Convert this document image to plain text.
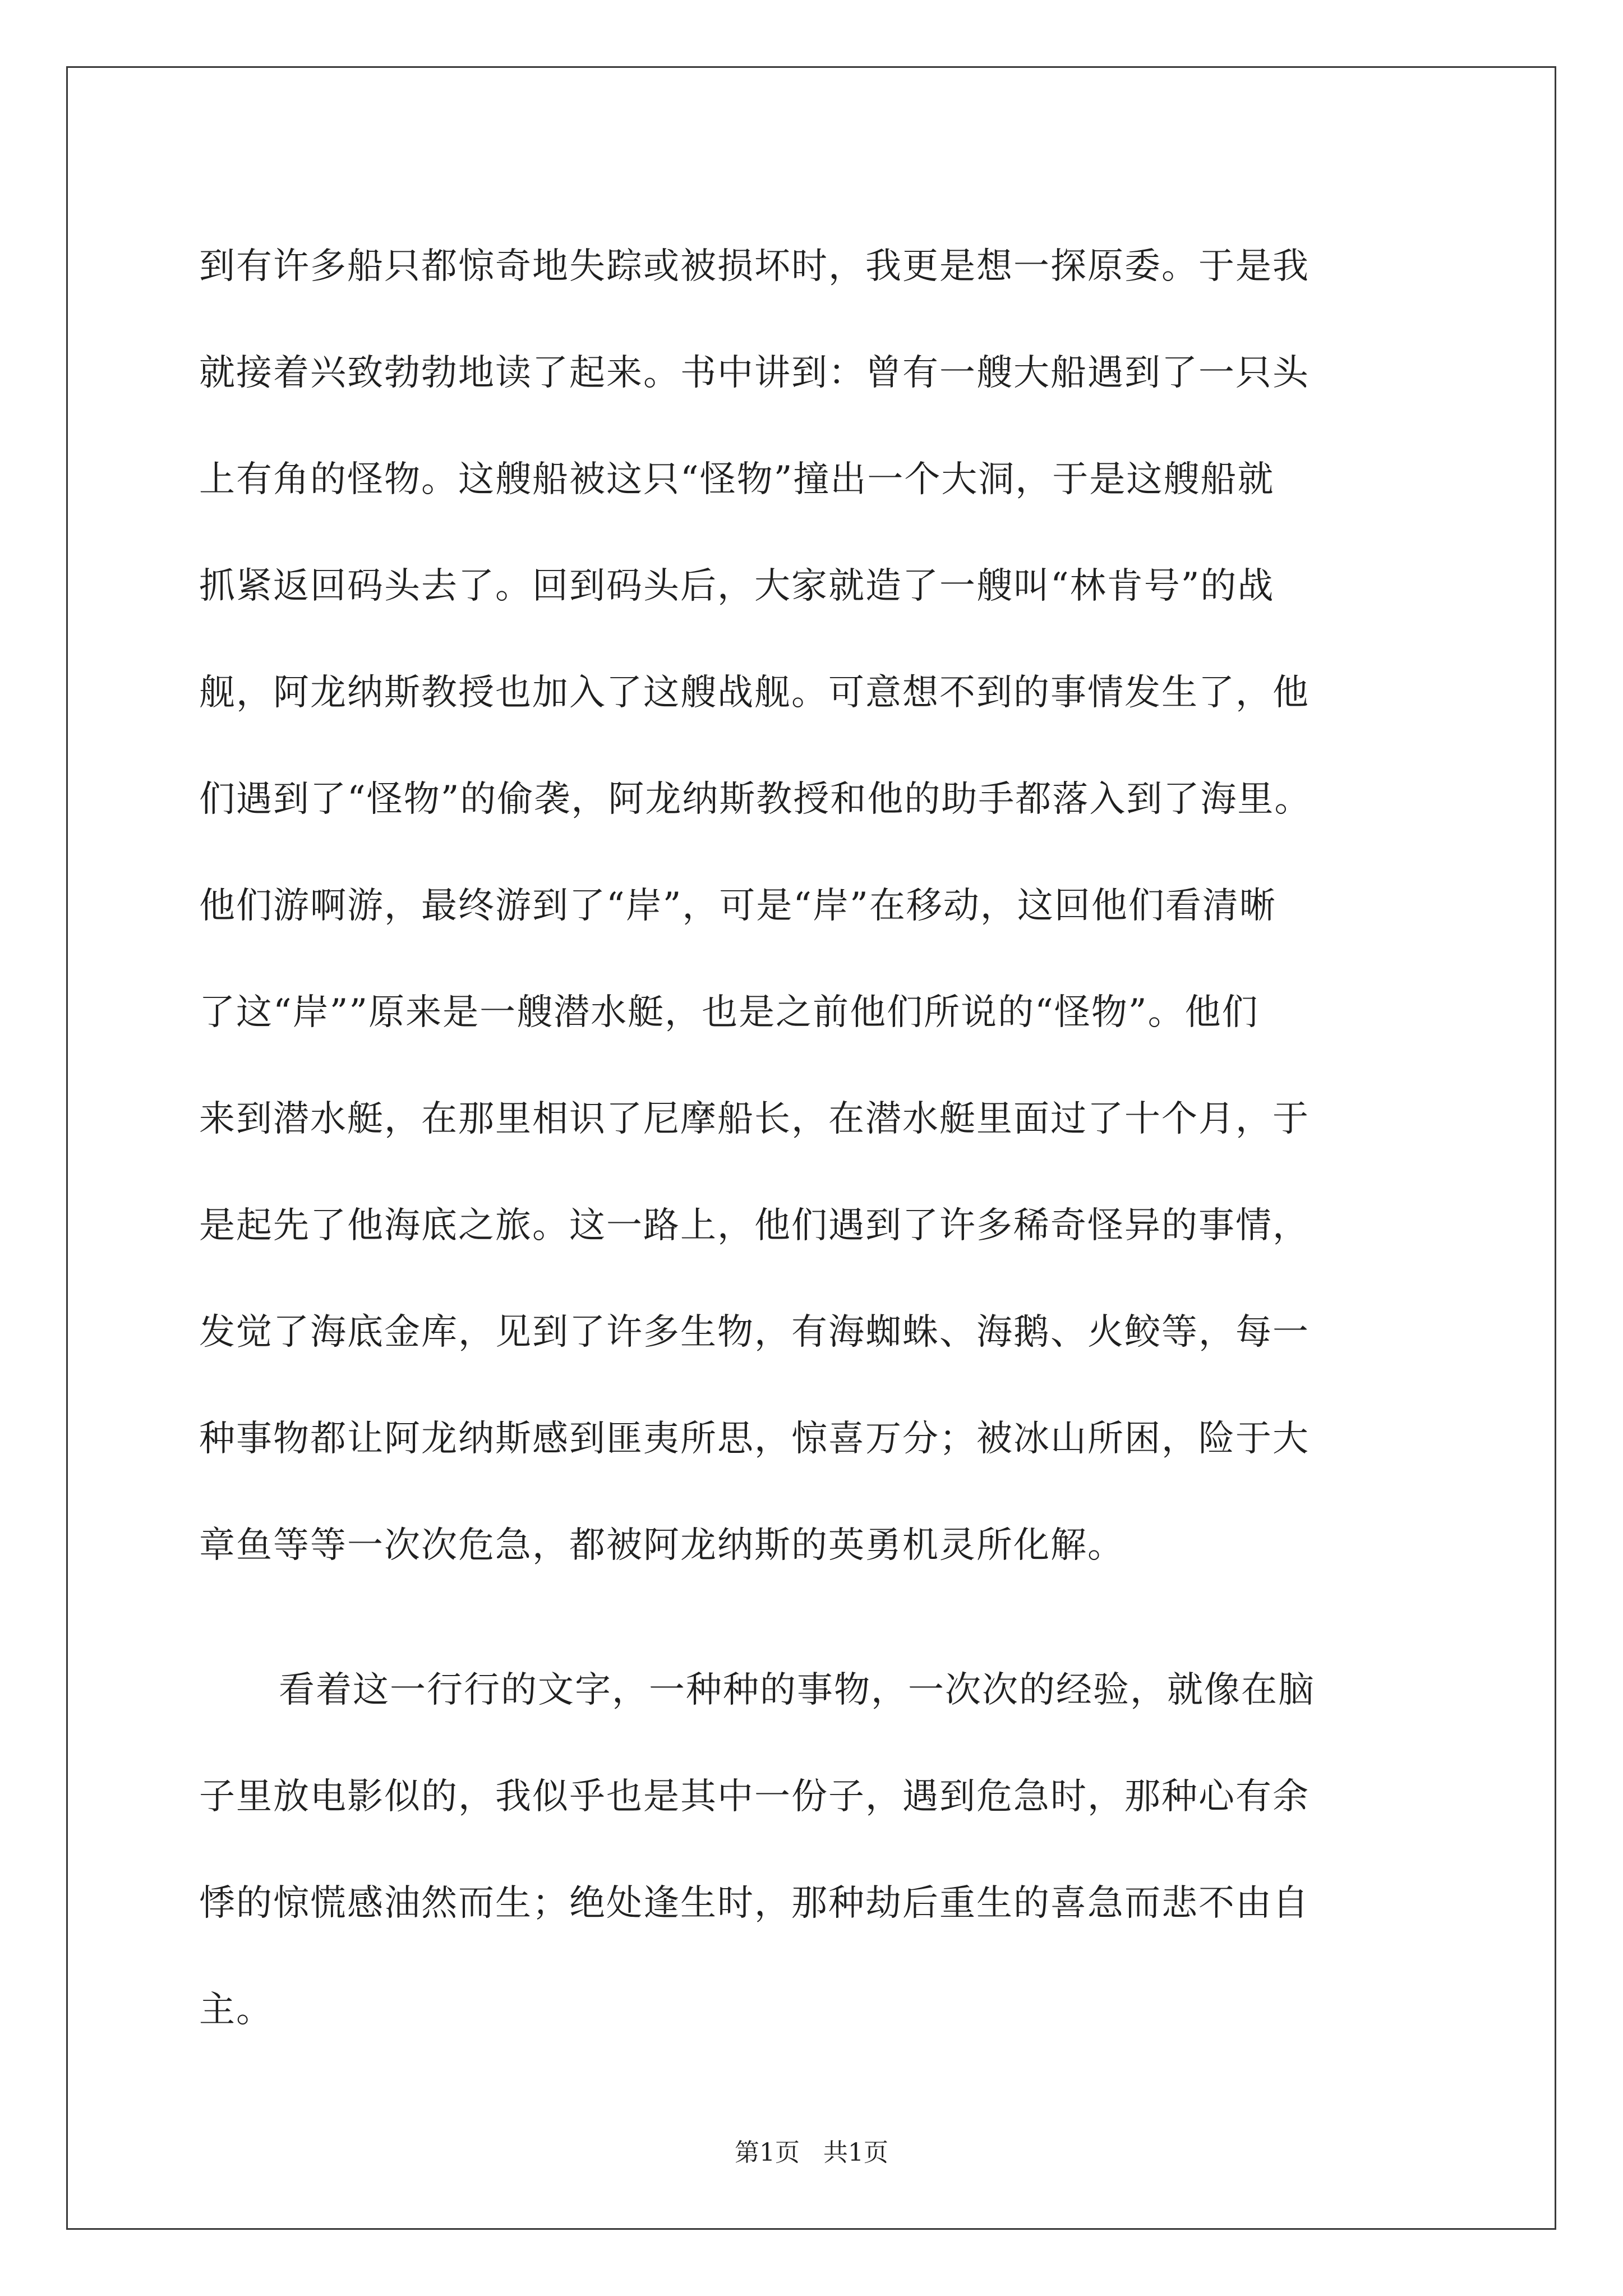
到有许多船只都惊奇地失踪或被损坏时，我更是想一探原委。于是我
就接着兴致勃勃地读了起来。书中讲到：曾有一艘大船遇到了一只头
上有角的怪物。这艘船被这只“怪物”撞出一个大洞，于是这艘船就
抓紧返回码头去了。回到码头后，大家就造了一艘叫“林肯号”的战
舰，阿龙纳斯教授也加入了这艘战舰。可意想不到的事情发生了，他
们遇到了“怪物”的偷袭，阿龙纳斯教授和他的助手都落入到了海里。
他们游啊游，最终游到了“岸”，可是“岸”在移动，这回他们看清晰
了这“岸””原来是一艘潜水艇，也是之前他们所说的“怪物”。他们
来到潜水艇，在那里相识了尼摩船长，在潜水艇里面过了十个月，于
是起先了他海底之旅。这一路上，他们遇到了许多稀奇怪异的事情，
发觉了海底金库，见到了许多生物，有海蜘蛛、海鹅、火鲛等，每一
种事物都让阿龙纳斯感到匪夷所思，惊喜万分；被冰山所困，险于大
章鱼等等一次次危急，都被阿龙纳斯的英勇机灵所化解。

看着这一行行的文字，一种种的事物，一次次的经验，就像在脑
子里放电影似的，我似乎也是其中一份子，遇到危急时，那种心有余
悸的惊慌感油然而生；绝处逢生时，那种劫后重生的喜急而悲不由自
主。

第1页 共1页
